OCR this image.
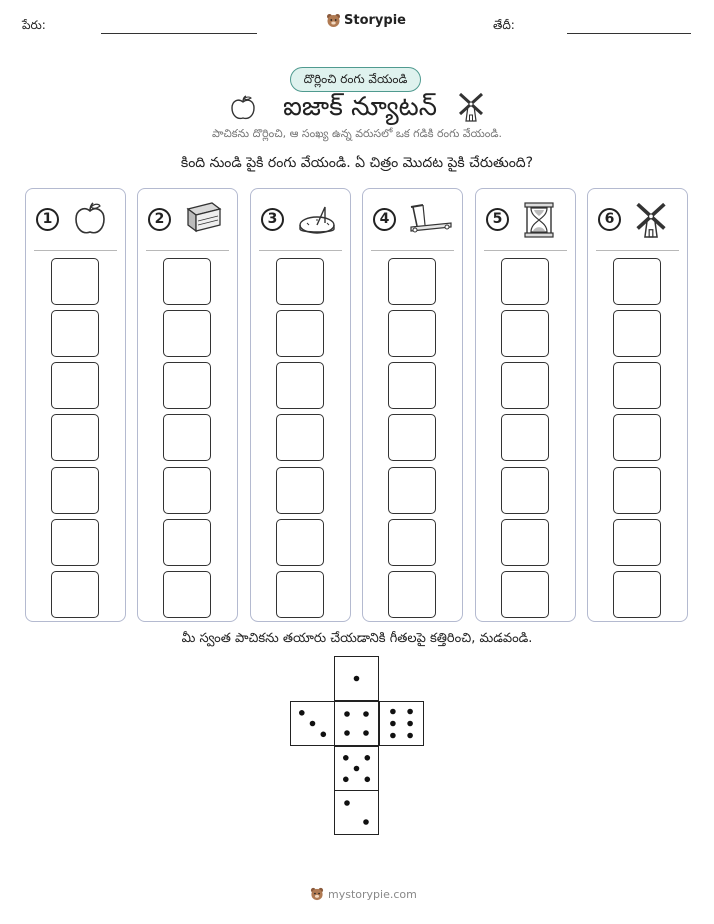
పేరు:	Storypie	తేదీ:
దొర్లించి రంగు వేయండి
ఐజాక్ న్యూటన్
పాచికను దొర్లించి, ఆ సంఖ్య ఉన్న వరుసలో ఒక గడికి రంగు వేయండి.
కింది నుండి పైకి రంగు వేయండి. ఏ చిత్రం మొదట పైకి చేరుతుంది?
1	2	3	4	5	6
మీ స్వంత పాచికను తయారు చేయడానికి గీతలపై కత్తిరించి, మడవండి.
mystorypie.com
